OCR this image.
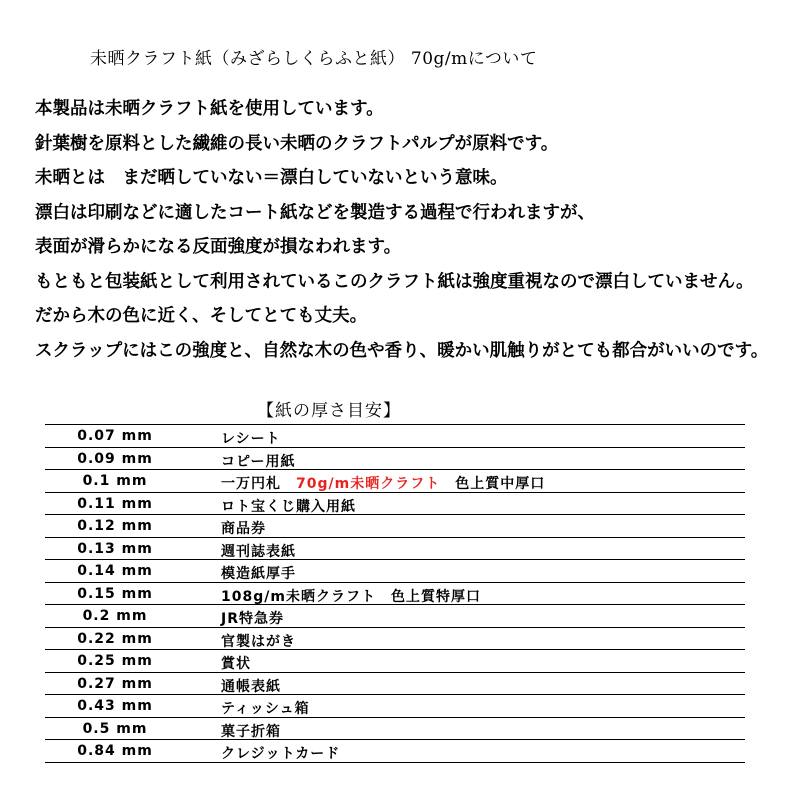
未晒クラフト紙（みざらしくらふと紙） 70g/mについて
本製品は未晒クラフト紙を使用しています。
針葉樹を原料とした繊維の長い未晒のクラフトパルプが原料です。
未晒とは　まだ晒していない＝漂白していないという意味。
漂白は印刷などに適したコート紙などを製造する過程で行われますが、
表面が滑らかになる反面強度が損なわれます。
もともと包装紙として利用されているこのクラフト紙は強度重視なので漂白していません。
だから木の色に近く、そしてとても丈夫。
スクラップにはこの強度と、自然な木の色や香り、暖かい肌触りがとても都合がいいのです。
【紙の厚さ目安】
0.07 mm	レシート
0.09 mm	コピー用紙
0.1 mm	一万円札　 70g/m未晒クラフト　 色上質中厚口
0.11 mm	ロト宝くじ購入用紙
0.12 mm	商品券
0.13 mm	週刊誌表紙
0.14 mm	模造紙厚手
0.15 mm	108g/m未晒クラフト　色上質特厚口
0.2 mm	JR特急券
0.22 mm	官製はがき
0.25 mm	賞状
0.27 mm	通帳表紙
0.43 mm	ティッシュ箱
0.5 mm	菓子折箱
0.84 mm	クレジットカード
